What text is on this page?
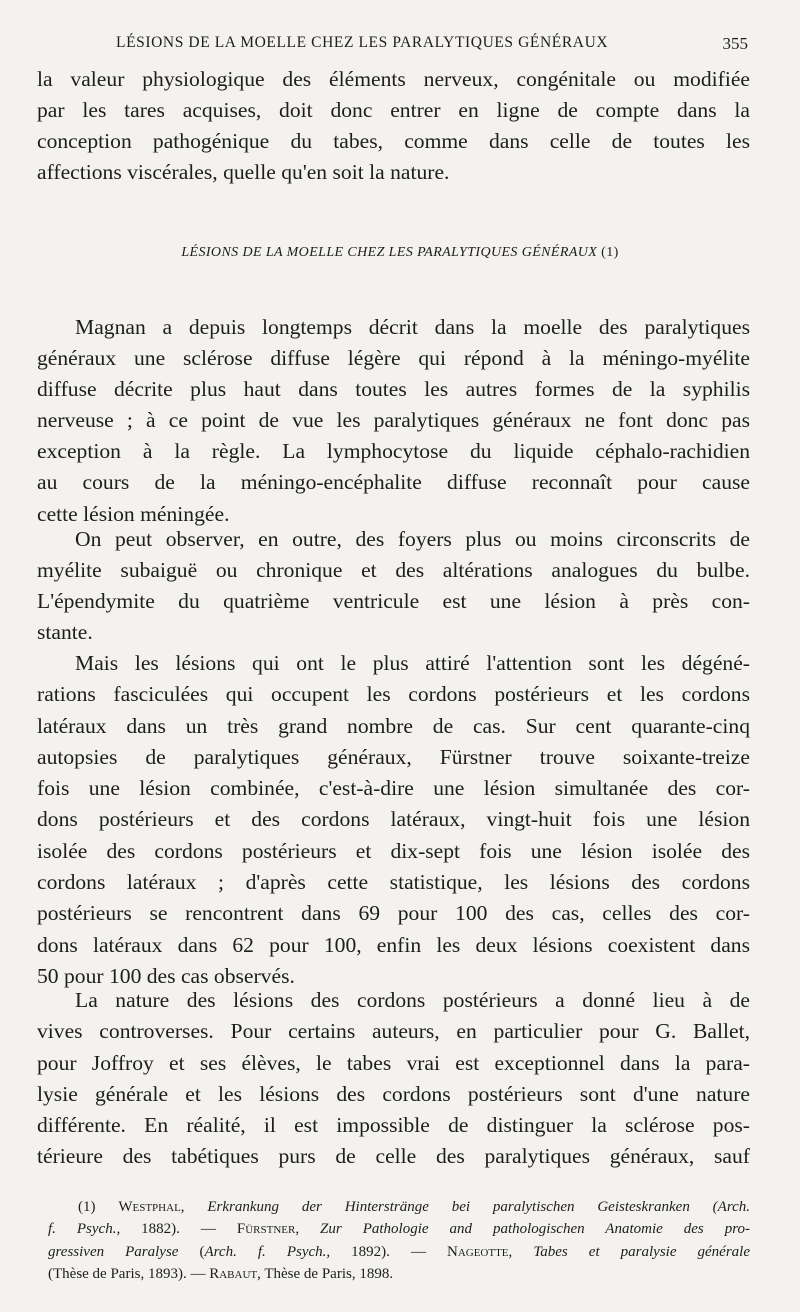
LÉSIONS DE LA MOELLE CHEZ LES PARALYTIQUES GÉNÉRAUX	355
la valeur physiologique des éléments nerveux, congénitale ou modifiée
par les tares acquises, doit donc entrer en ligne de compte dans la
conception pathogénique du tabes, comme dans celle de toutes les
affections viscérales, quelle qu'en soit la nature.
LÉSIONS DE LA MOELLE CHEZ LES PARALYTIQUES GÉNÉRAUX (1)
Magnan a depuis longtemps décrit dans la moelle des paralytiques
généraux une sclérose diffuse légère qui répond à la méningo-myélite
diffuse décrite plus haut dans toutes les autres formes de la syphilis
nerveuse ; à ce point de vue les paralytiques généraux ne font donc pas
exception à la règle. La lymphocytose du liquide céphalo-rachidien
au cours de la méningo-encéphalite diffuse reconnaît pour cause
cette lésion méningée.
On peut observer, en outre, des foyers plus ou moins circonscrits de
myélite subaiguë ou chronique et des altérations analogues du bulbe.
L'épendymite du quatrième ventricule est une lésion à près con-
stante.
Mais les lésions qui ont le plus attiré l'attention sont les dégéné-
rations fasciculées qui occupent les cordons postérieurs et les cordons
latéraux dans un très grand nombre de cas. Sur cent quarante-cinq
autopsies de paralytiques généraux, Fürstner trouve soixante-treize
fois une lésion combinée, c'est-à-dire une lésion simultanée des cor-
dons postérieurs et des cordons latéraux, vingt-huit fois une lésion
isolée des cordons postérieurs et dix-sept fois une lésion isolée des
cordons latéraux ; d'après cette statistique, les lésions des cordons
postérieurs se rencontrent dans 69 pour 100 des cas, celles des cor-
dons latéraux dans 62 pour 100, enfin les deux lésions coexistent dans
50 pour 100 des cas observés.
La nature des lésions des cordons postérieurs a donné lieu à de
vives controverses. Pour certains auteurs, en particulier pour G. Ballet,
pour Joffroy et ses élèves, le tabes vrai est exceptionnel dans la para-
lysie générale et les lésions des cordons postérieurs sont d'une nature
différente. En réalité, il est impossible de distinguer la sclérose pos-
térieure des tabétiques purs de celle des paralytiques généraux, sauf
(1) Westphal, Erkrankung der Hinterstränge bei paralytischen Geisteskranken (Arch.
f. Psych., 1882). — Fürstner, Zur Pathologie and pathologischen Anatomie des pro-
gressiven Paralyse (Arch. f. Psych., 1892). — Nageotte, Tabes et paralysie générale
(Thèse de Paris, 1893). — Rabaut, Thèse de Paris, 1898.
